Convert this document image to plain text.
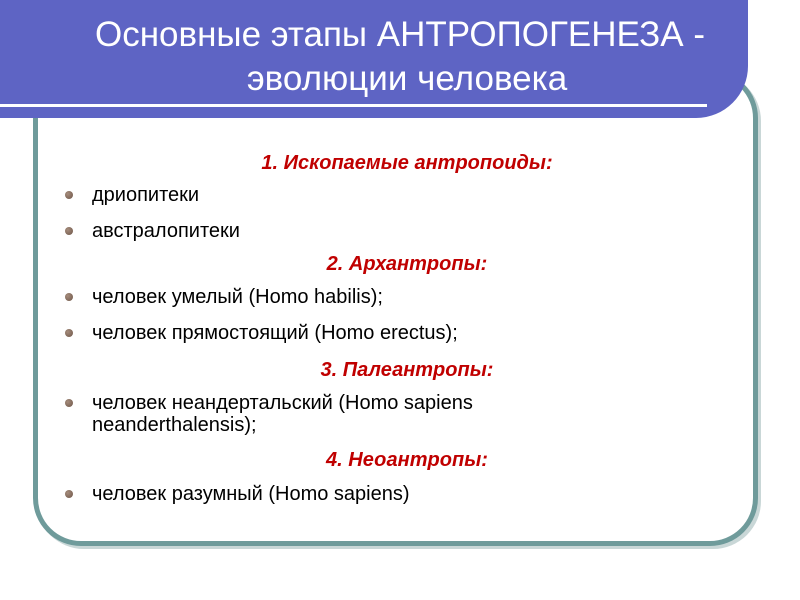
Основные этапы АНТРОПОГЕНЕЗА -
эволюции человека
1. Ископаемые антропоиды:
дриопитеки
австралопитеки
2. Архантропы:
человек умелый (Homo habilis);
человек прямостоящий (Homo erectus);
3. Палеантропы:
человек неандертальский (Homo sapiens neanderthalensis);
4. Неоантропы:
человек разумный (Homo sapiens)
